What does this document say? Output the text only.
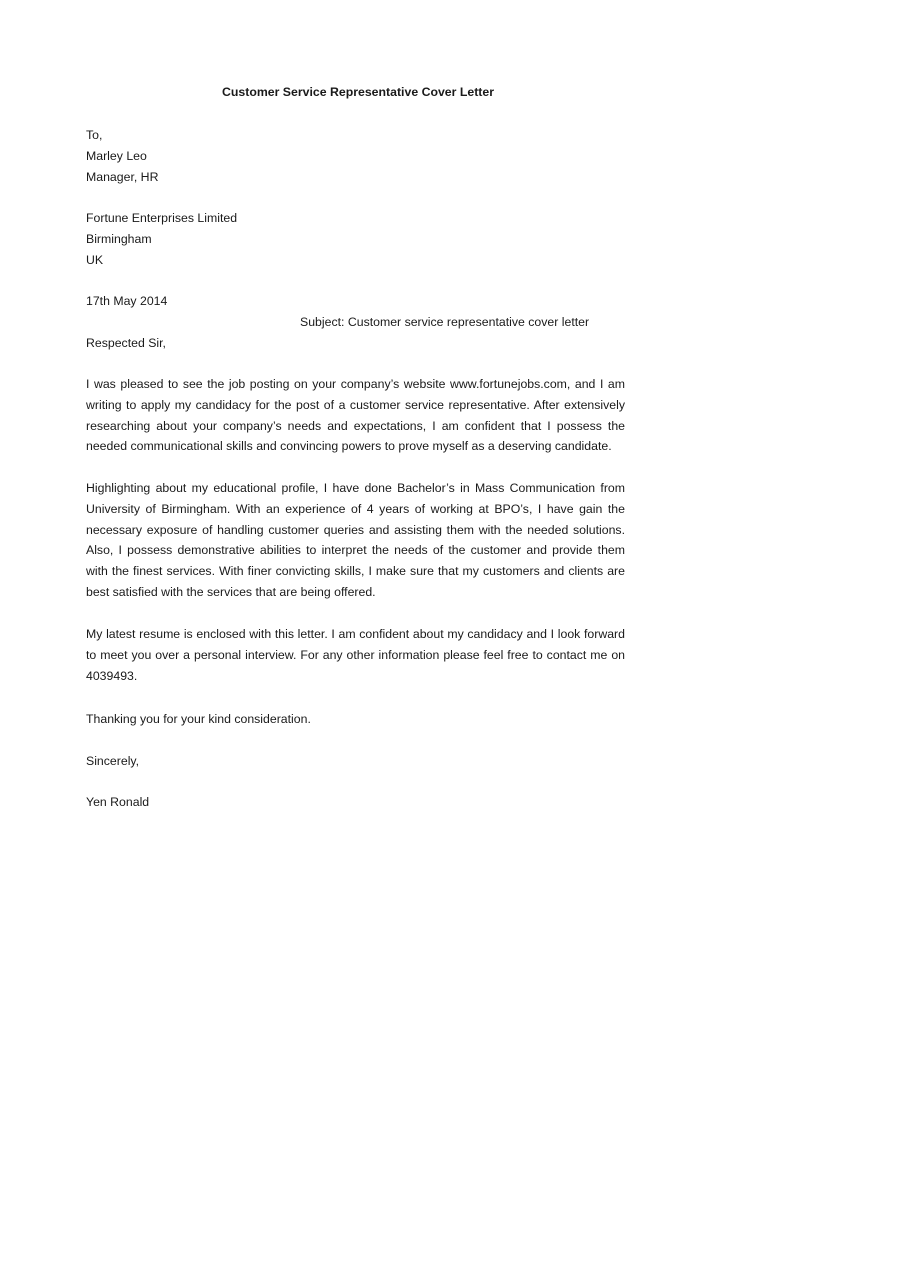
Customer Service Representative Cover Letter
To,
Marley Leo
Manager, HR
Fortune Enterprises Limited
Birmingham
UK
17th May 2014
Subject: Customer service representative cover letter
Respected Sir,
I was pleased to see the job posting on your company’s website www.fortunejobs.com, and I am writing to apply my candidacy for the post of a customer service representative. After extensively researching about your company’s needs and expectations, I am confident that I possess the needed communicational skills and convincing powers to prove myself as a deserving candidate.
Highlighting about my educational profile, I have done Bachelor’s in Mass Communication from University of Birmingham. With an experience of 4 years of working at BPO’s, I have gain the necessary exposure of handling customer queries and assisting them with the needed solutions. Also, I possess demonstrative abilities to interpret the needs of the customer and provide them with the finest services. With finer convicting skills, I make sure that my customers and clients are best satisfied with the services that are being offered.
My latest resume is enclosed with this letter. I am confident about my candidacy and I look forward to meet you over a personal interview. For any other information please feel free to contact me on 4039493.
Thanking you for your kind consideration.
Sincerely,
Yen Ronald
